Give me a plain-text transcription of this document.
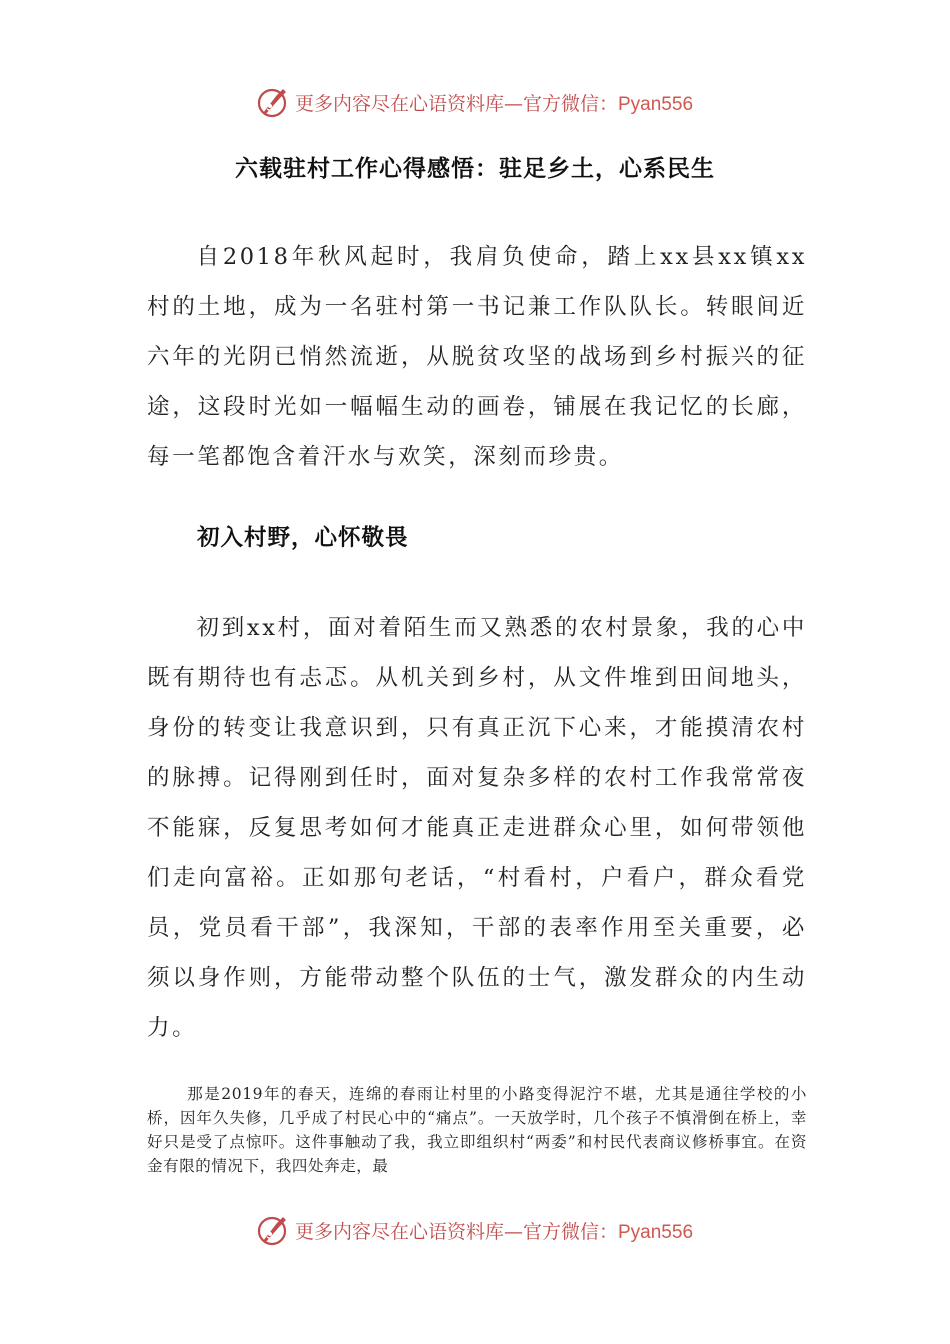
更多内容尽在心语资料库—官方微信：Pyan556
六载驻村工作心得感悟：驻足乡土，心系民生

自2018年秋风起时，我肩负使命，踏上xx县xx镇xx村的土地，成为一名驻村第一书记兼工作队队长。转眼间近六年的光阴已悄然流逝，从脱贫攻坚的战场到乡村振兴的征途，这段时光如一幅幅生动的画卷，铺展在我记忆的长廊，每一笔都饱含着汗水与欢笑，深刻而珍贵。

初入村野，心怀敬畏

初到xx村，面对着陌生而又熟悉的农村景象，我的心中既有期待也有忐忑。从机关到乡村，从文件堆到田间地头，身份的转变让我意识到，只有真正沉下心来，才能摸清农村的脉搏。记得刚到任时，面对复杂多样的农村工作我常常夜不能寐，反复思考如何才能真正走进群众心里，如何带领他们走向富裕。正如那句老话，“村看村，户看户，群众看党员，党员看干部”，我深知，干部的表率作用至关重要，必须以身作则，方能带动整个队伍的士气，激发群众的内生动力。

那是2019年的春天，连绵的春雨让村里的小路变得泥泞不堪，尤其是通往学校的小桥，因年久失修，几乎成了村民心中的“痛点”。一天放学时，几个孩子不慎滑倒在桥上，幸好只是受了点惊吓。这件事触动了我，我立即组织村“两委”和村民代表商议修桥事宜。在资金有限的情况下，我四处奔走，最

更多内容尽在心语资料库—官方微信：Pyan556
